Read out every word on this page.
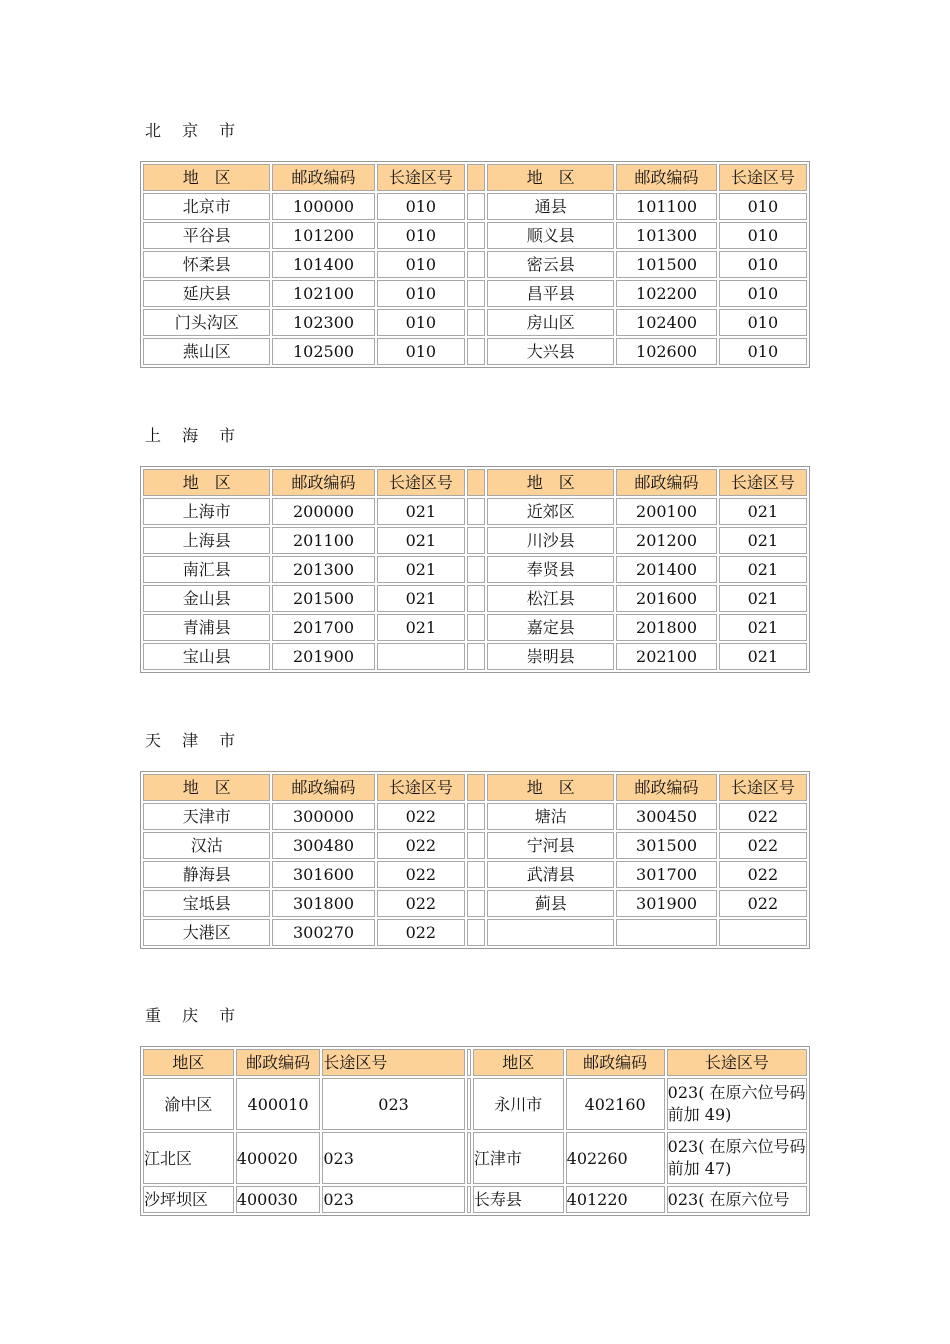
北 京 市
地　区	邮政编码	长途区号		地　区	邮政编码	长途区号
北京市	100000	010		通县	101100	010
平谷县	101200	010		顺义县	101300	010
怀柔县	101400	010		密云县	101500	010
延庆县	102100	010		昌平县	102200	010
门头沟区	102300	010		房山区	102400	010
燕山区	102500	010		大兴县	102600	010
上 海 市
地　区	邮政编码	长途区号		地　区	邮政编码	长途区号
上海市	200000	021		近郊区	200100	021
上海县	201100	021		川沙县	201200	021
南汇县	201300	021		奉贤县	201400	021
金山县	201500	021		松江县	201600	021
青浦县	201700	021		嘉定县	201800	021
宝山县	201900			崇明县	202100	021
天 津 市
地　区	邮政编码	长途区号		地　区	邮政编码	长途区号
天津市	300000	022		塘沽	300450	022
汉沽	300480	022		宁河县	301500	022
静海县	301600	022		武清县	301700	022
宝坻县	301800	022		蓟县	301900	022
大港区	300270	022				
重 庆 市
地区	邮政编码	长途区号		地区	邮政编码	长途区号
渝中区	400010	023		永川市	402160	023( 在原六位号码前加 49)
江北区	400020	023		江津市	402260	023( 在原六位号码前加 47)
沙坪坝区	400030	023		长寿县	401220	023( 在原六位号
